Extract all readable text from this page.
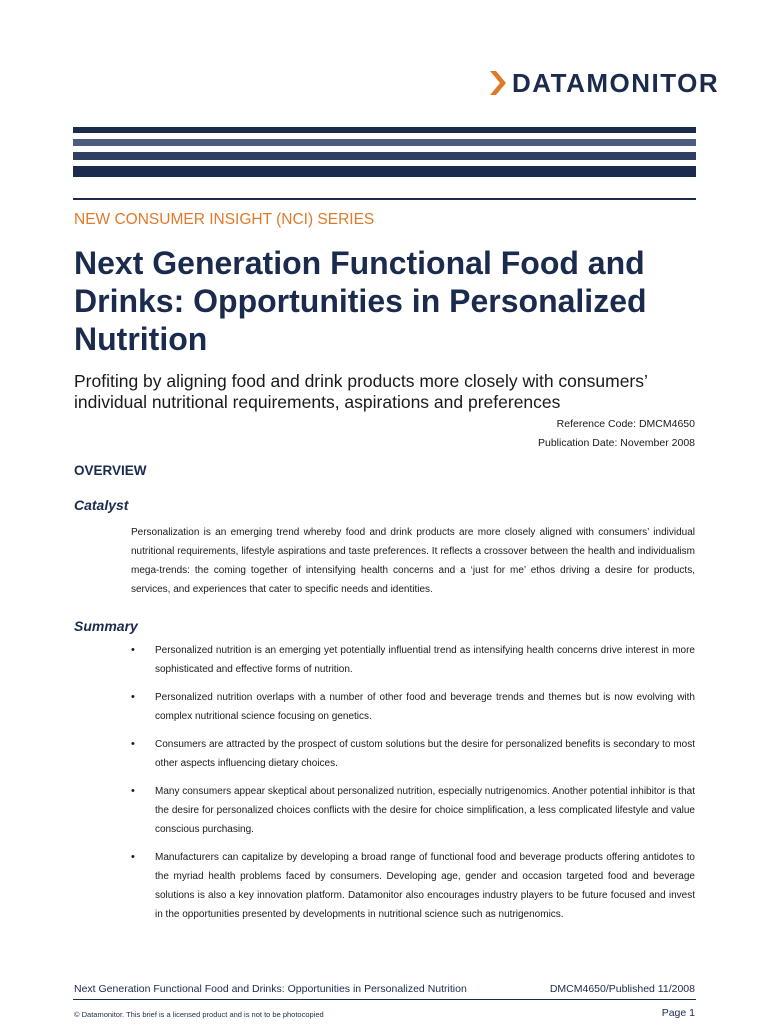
DATAMONITOR
NEW CONSUMER INSIGHT (NCI) SERIES
Next Generation Functional Food and Drinks: Opportunities in Personalized Nutrition

Profiting by aligning food and drink products more closely with consumers’ individual nutritional requirements, aspirations and preferences

Reference Code: DMCM4650
Publication Date: November 2008
OVERVIEW
Catalyst

Personalization is an emerging trend whereby food and drink products are more closely aligned with consumers’ individual nutritional requirements, lifestyle aspirations and taste preferences. It reflects a crossover between the health and individualism mega-trends: the coming together of intensifying health concerns and a ‘just for me’ ethos driving a desire for products, services, and experiences that cater to specific needs and identities.

Summary
• Personalized nutrition is an emerging yet potentially influential trend as intensifying health concerns drive interest in more sophisticated and effective forms of nutrition.
• Personalized nutrition overlaps with a number of other food and beverage trends and themes but is now evolving with complex nutritional science focusing on genetics.
• Consumers are attracted by the prospect of custom solutions but the desire for personalized benefits is secondary to most other aspects influencing dietary choices.
• Many consumers appear skeptical about personalized nutrition, especially nutrigenomics. Another potential inhibitor is that the desire for personalized choices conflicts with the desire for choice simplification, a less complicated lifestyle and value conscious purchasing.
• Manufacturers can capitalize by developing a broad range of functional food and beverage products offering antidotes to the myriad health problems faced by consumers. Developing age, gender and occasion targeted food and beverage solutions is also a key innovation platform. Datamonitor also encourages industry players to be future focused and invest in the opportunities presented by developments in nutritional science such as nutrigenomics.
Next Generation Functional Food and Drinks: Opportunities in Personalized Nutrition	DMCM4650/Published 11/2008
© Datamonitor. This brief is a licensed product and is not to be photocopied	Page 1
